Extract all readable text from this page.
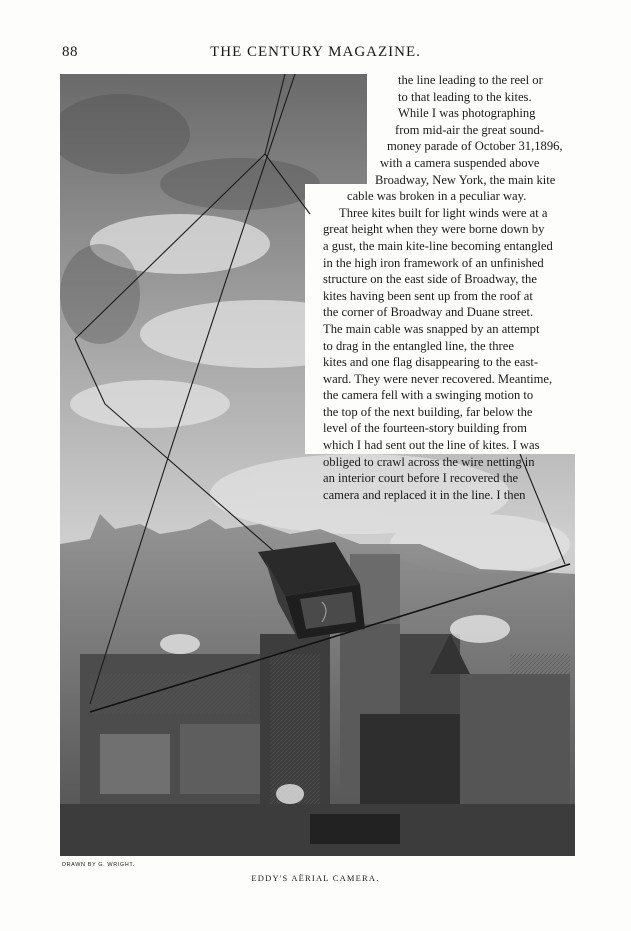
88	THE CENTURY MAGAZINE.
the line leading to the reel or
to that leading to the kites.
While I was photographing
from mid-air the great sound-
money parade of October 31,1896,
with a camera suspended above
Broadway, New York, the main kite
cable was broken in a peculiar way.
Three kites built for light winds were at a
great height when they were borne down by
a gust, the main kite-line becoming entangled
in the high iron framework of an unfinished
structure on the east side of Broadway, the
kites having been sent up from the roof at
the corner of Broadway and Duane street.
The main cable was snapped by an attempt
to drag in the entangled line, the three
kites and one flag disappearing to the east-
ward. They were never recovered. Meantime,
the camera fell with a swinging motion to
the top of the next building, far below the
level of the fourteen-story building from
which I had sent out the line of kites. I was
obliged to crawl across the wire netting in
an interior court before I recovered the
camera and replaced it in the line. I then
DRAWN BY G. WRIGHT.
EDDY'S AËRIAL CAMERA.
